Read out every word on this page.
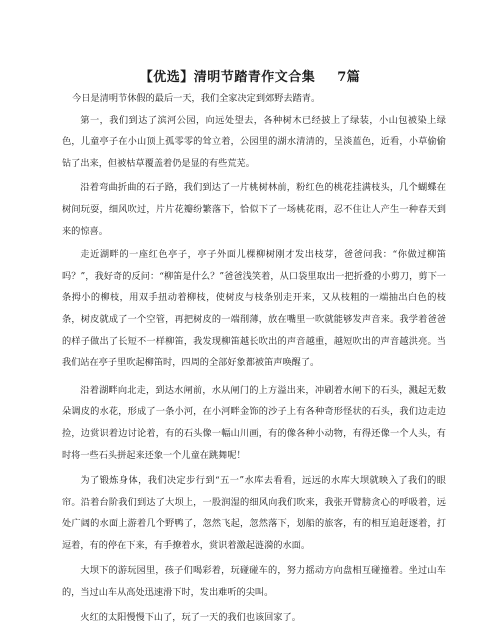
【优选】清明节踏青作文合集 7篇

今日是清明节休假的最后一天，我们全家决定到郊野去踏青。

第一，我们到达了滨河公园，向远处望去，各种树木已经披上了绿装，小山包被染上绿色，儿童亭子在小山顶上孤零零的耸立着，公园里的湖水清清的，呈淡蓝色，近看，小草偷偷钻了出来，但被枯草覆盖着仍是显的有些荒芜。

沿着弯曲折曲的石子路，我们到达了一片桃树林前，粉红色的桃花挂满枝头，几个蝴蝶在树间玩耍，细风吹过，片片花瓣纷繁落下，恰似下了一场桃花雨，忍不住让人产生一种春天到来的惊喜。

走近湖畔的一座红色亭子，亭子外面儿棵柳树刚才发出枝芽，爸爸问我：“你做过柳笛吗？”，我好奇的反问：“柳笛是什么？”爸爸浅笑着，从口袋里取出一把折叠的小剪刀，剪下一条拇小的柳枝，用双手扭动着柳枝，使树皮与枝条别走开来，又从枝粗的一端抽出白色的枝条，树皮就成了一个空管，再把树皮的一端削薄，放在嘴里一吹就能够发声音来。我学着爸爸的样子做出了长短不一样柳笛，我发现柳笛越长吹出的声音越重，越短吹出的声音越洪亮。当我们站在亭子里吹起柳笛时，四周的全部好象都被笛声唤醒了。

沿着湖畔向北走，到达水闸前，水从闸门的上方溢出来，冲刷着水闸下的石头，溅起无数朵调皮的水花，形成了一条小河，在小河畔金饰的沙子上有各种奇形怪状的石头，我们边走边捡，边赏识着边讨论着，有的石头像一幅山川画，有的像各种小动物，有得还像一个人头，有时将一些石头拼起来还象一个儿童在跳舞呢！

为了锻炼身体，我们决定步行到“五一”水库去看看，远远的水库大坝就映入了我们的眼帘。沿着台阶我们到达了大坝上，一股润湿的细风向我们吹来，我张开臂膀贪心的呼吸着，远处广阔的水面上游着几个野鸭了，忽然飞起，忽然落下，划船的旅客，有的相互追赶逐着，打逗着，有的停在下来，有手撩着水，赏识着激起涟漪的水面。

大坝下的游玩园里，孩子们喝彩着，玩碰碰车的，努力摇动方向盘相互碰撞着。坐过山车的，当过山车从高处迅速滑下时，发出难听的尖叫。

火红的太阳慢慢下山了，玩了一天的我们也该回家了。
